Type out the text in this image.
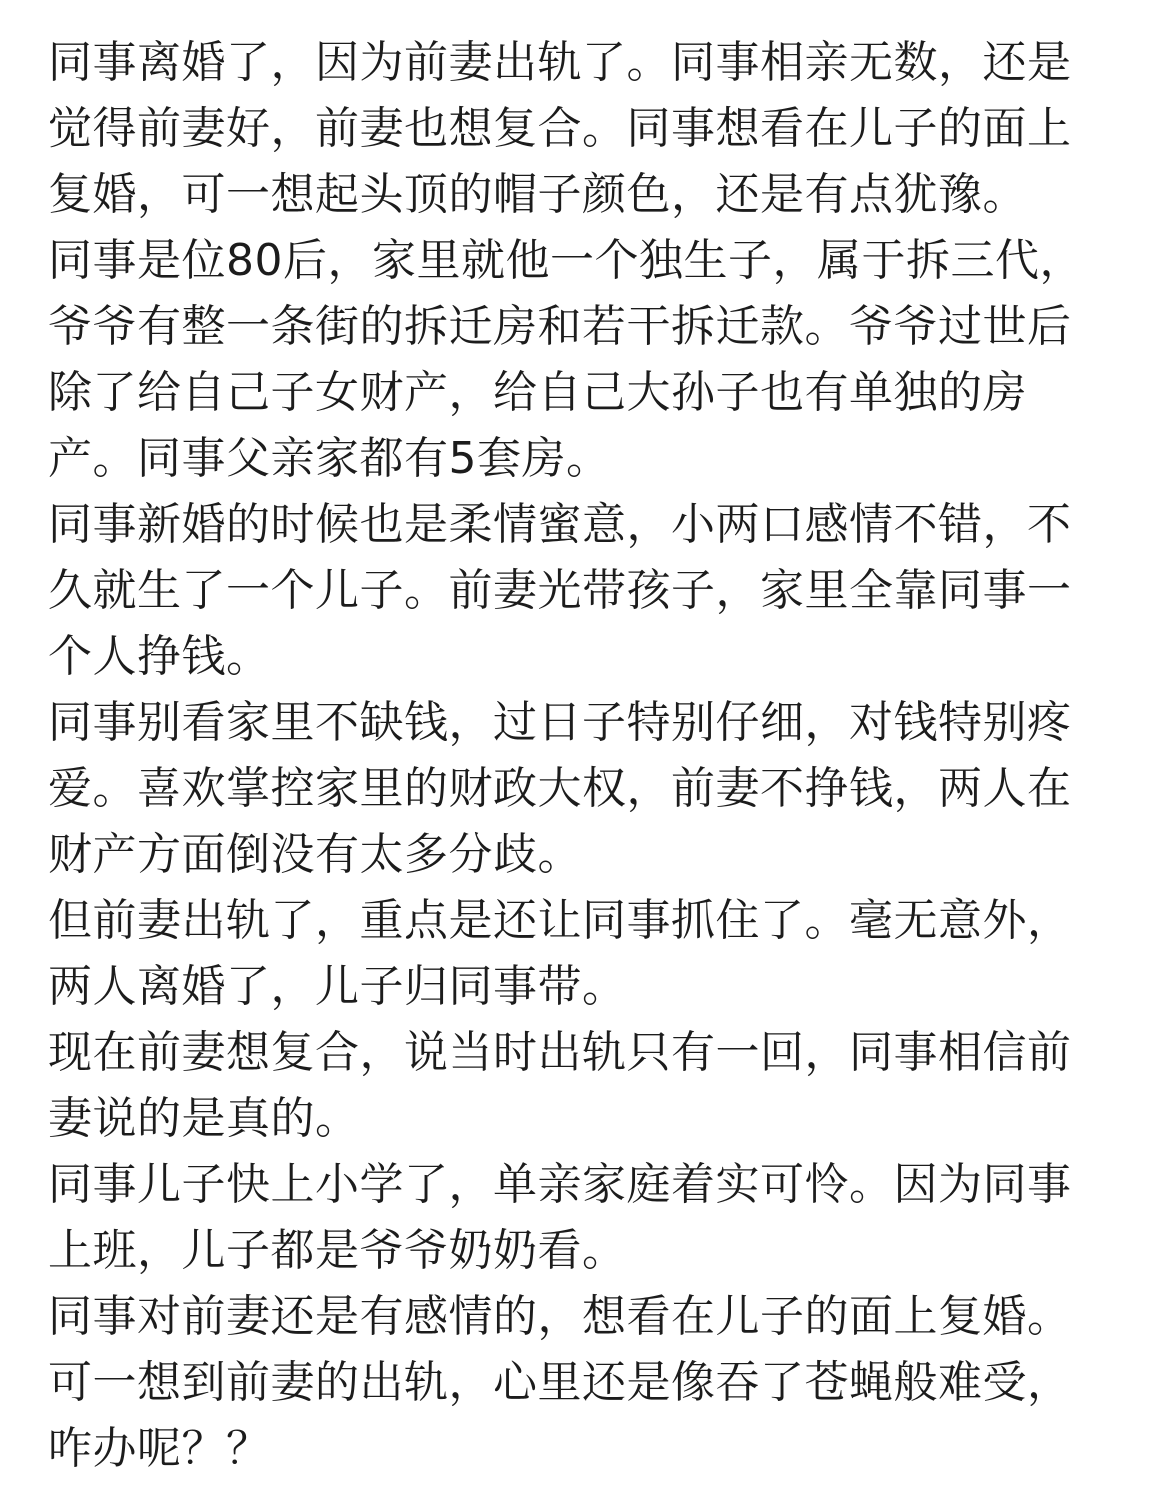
同事离婚了，因为前妻出轨了。同事相亲无数，还是

觉得前妻好，前妻也想复合。同事想看在儿子的面上

复婚，可一想起头顶的帽子颜色，还是有点犹豫。

同事是位80后，家里就他一个独生子，属于拆三代，

爷爷有整一条街的拆迁房和若干拆迁款。爷爷过世后

除了给自己子女财产，给自己大孙子也有单独的房

产。同事父亲家都有5套房。

同事新婚的时候也是柔情蜜意，小两口感情不错，不

久就生了一个儿子。前妻光带孩子，家里全靠同事一

个人挣钱。

同事别看家里不缺钱，过日子特别仔细，对钱特别疼

爱。喜欢掌控家里的财政大权，前妻不挣钱，两人在

财产方面倒没有太多分歧。

但前妻出轨了，重点是还让同事抓住了。毫无意外，

两人离婚了，儿子归同事带。

现在前妻想复合，说当时出轨只有一回，同事相信前

妻说的是真的。

同事儿子快上小学了，单亲家庭着实可怜。因为同事

上班，儿子都是爷爷奶奶看。

同事对前妻还是有感情的，想看在儿子的面上复婚。

可一想到前妻的出轨，心里还是像吞了苍蝇般难受，

咋办呢？？
